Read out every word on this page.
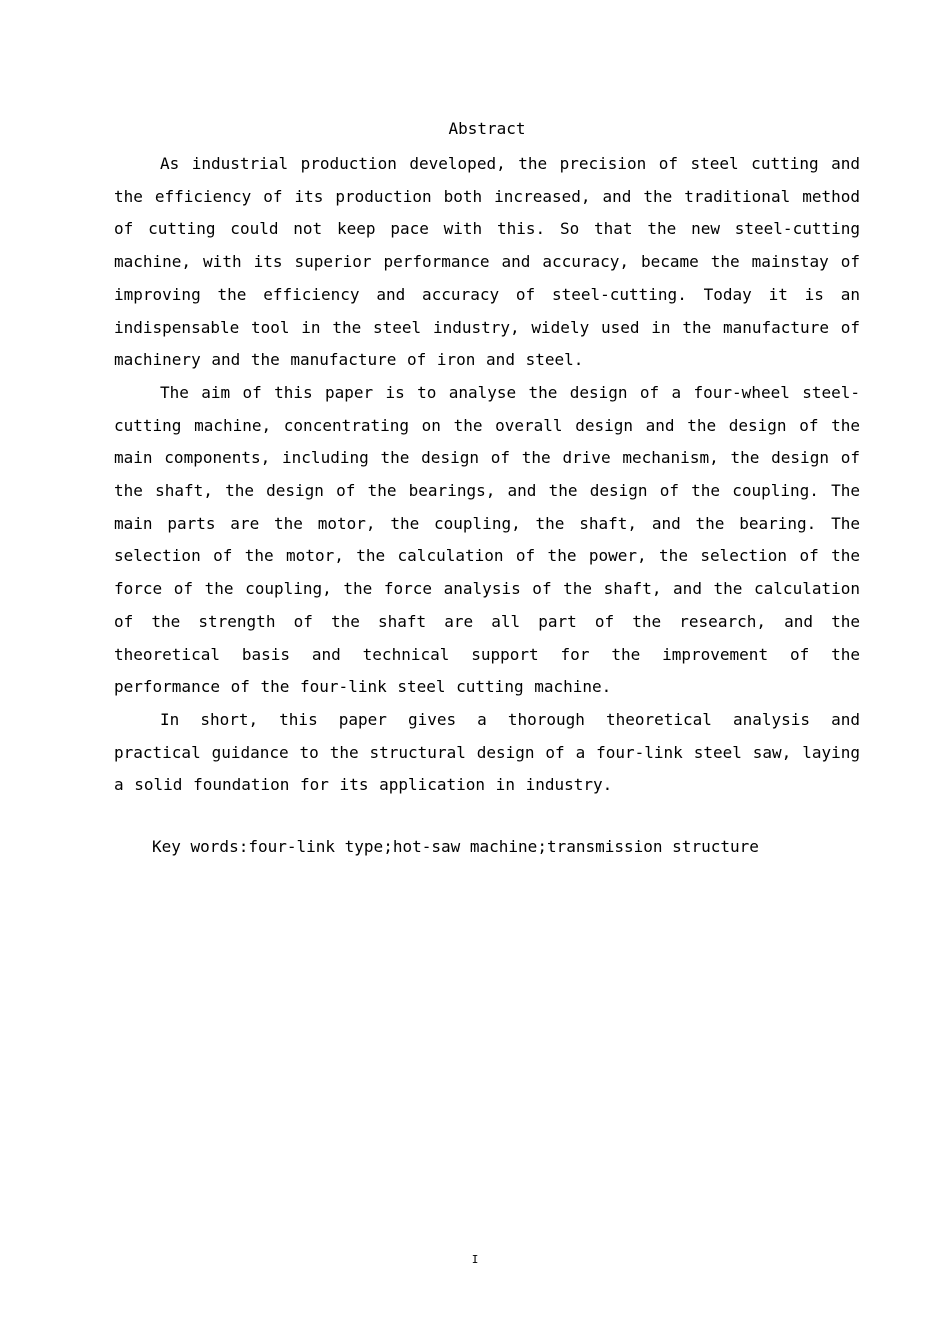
Abstract

As industrial production developed, the precision of steel cutting and the efficiency of its production both increased, and the traditional method of cutting could not keep pace with this. So that the new steel-cutting machine, with its superior performance and accuracy, became the mainstay of improving the efficiency and accuracy of steel-cutting. Today it is an indispensable tool in the steel industry, widely used in the manufacture of machinery and the manufacture of iron and steel.

The aim of this paper is to analyse the design of a four-wheel steel-cutting machine, concentrating on the overall design and the design of the main components, including the design of the drive mechanism, the design of the shaft, the design of the bearings, and the design of the coupling. The main parts are the motor, the coupling, the shaft, and the bearing. The selection of the motor, the calculation of the power, the selection of the force of the coupling, the force analysis of the shaft, and the calculation of the strength of the shaft are all part of the research, and the theoretical basis and technical support for the improvement of the performance of the four-link steel cutting machine.

In short, this paper gives a thorough theoretical analysis and practical guidance to the structural design of a four-link steel saw, laying a solid foundation for its application in industry.

Key words:four-link type;hot-saw machine;transmission structure
I
